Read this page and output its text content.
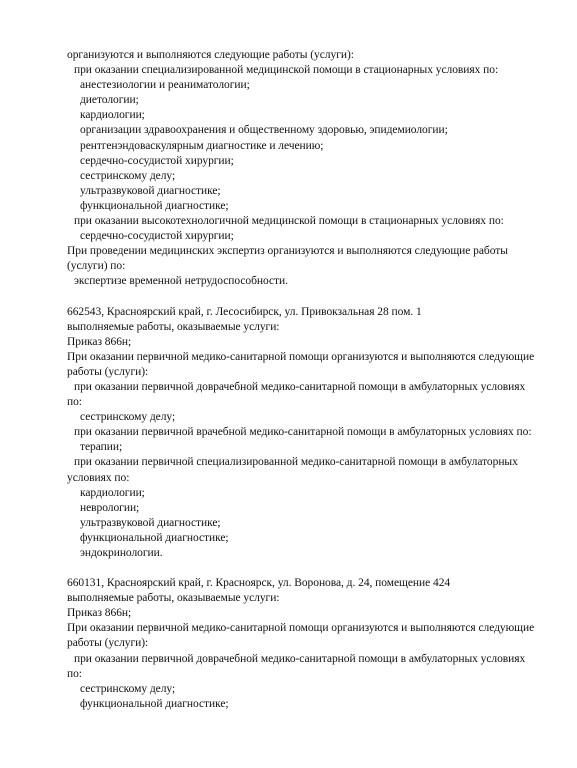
организуются и выполняются следующие работы (услуги):
при оказании специализированной медицинской помощи в стационарных условиях по:
анестезиологии и реаниматологии;
диетологии;
кардиологии;
организации здравоохранения и общественному здоровью, эпидемиологии;
рентгенэндоваскулярным диагностике и лечению;
сердечно-сосудистой хирургии;
сестринскому делу;
ультразвуковой диагностике;
функциональной диагностике;
при оказании высокотехнологичной медицинской помощи в стационарных условиях по:
сердечно-сосудистой хирургии;
При проведении медицинских экспертиз организуются и выполняются следующие работы
(услуги) по:
экспертизе временной нетрудоспособности.
662543, Красноярский край, г. Лесосибирск, ул. Привокзальная 28 пом. 1
выполняемые работы, оказываемые услуги:
Приказ 866н;
При оказании первичной медико-санитарной помощи организуются и выполняются следующие
работы (услуги):
при оказании первичной доврачебной медико-санитарной помощи в амбулаторных условиях
по:
сестринскому делу;
при оказании первичной врачебной медико-санитарной помощи в амбулаторных условиях по:
терапии;
при оказании первичной специализированной медико-санитарной помощи в амбулаторных
условиях по:
кардиологии;
неврологии;
ультразвуковой диагностике;
функциональной диагностике;
эндокринологии.
660131, Красноярский край, г. Красноярск, ул. Воронова, д. 24, помещение 424
выполняемые работы, оказываемые услуги:
Приказ 866н;
При оказании первичной медико-санитарной помощи организуются и выполняются следующие
работы (услуги):
при оказании первичной доврачебной медико-санитарной помощи в амбулаторных условиях
по:
сестринскому делу;
функциональной диагностике;
